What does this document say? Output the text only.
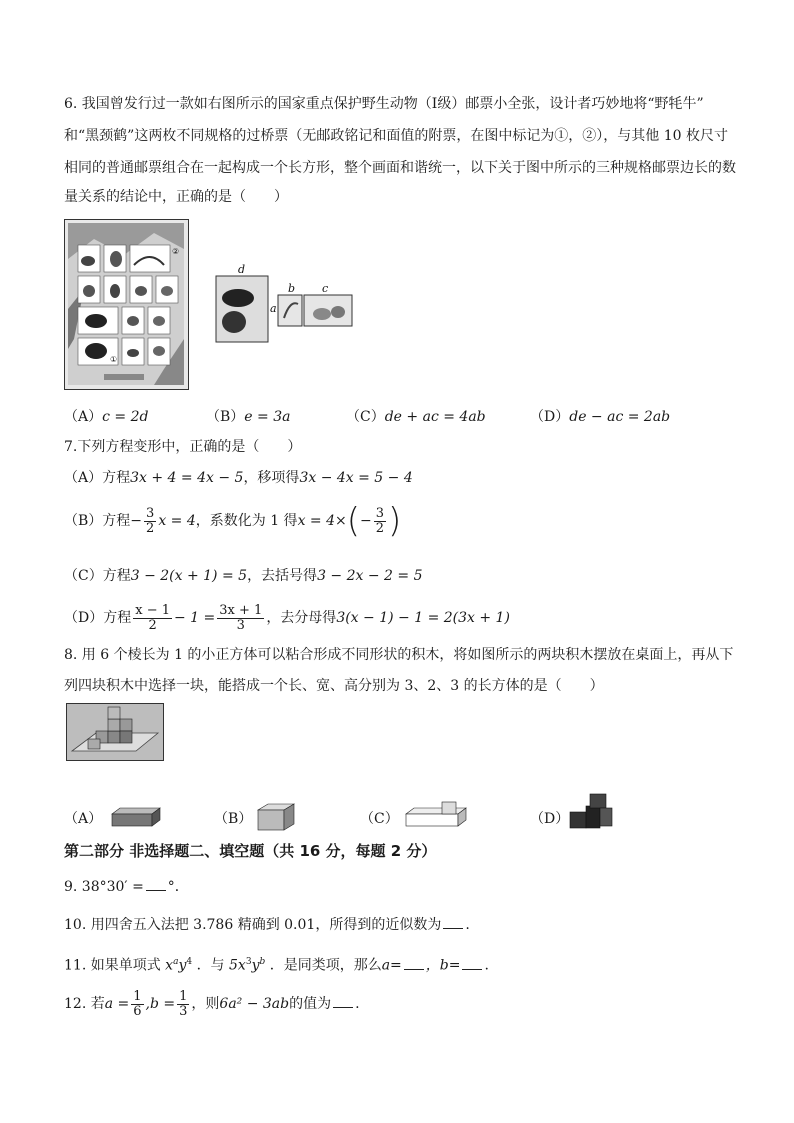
6. 我国曾发行过一款如右图所示的国家重点保护野生动物（Ⅰ级）邮票小全张，设计者巧妙地将“野牦牛”
和“黑颈鹤”这两枚不同规格的过桥票（无邮政铭记和面值的附票，在图中标记为①，②），与其他 10 枚尺寸
相同的普通邮票组合在一起构成一个长方形，整个画面和谐统一，以下关于图中所示的三种规格邮票边长的数
量关系的结论中，正确的是（　　）
②
①
d
a
b c
（A）c = 2d	（B）e = 3a	（C）de + ac = 4ab	（D）de − ac = 2ab
7.下列方程变形中，正确的是（　　）
（A）方程3x + 4 = 4x − 5，移项得3x − 4x = 5 − 4
（B）方程− $\frac{3}{2}$ x = 4，系数化为 1 得$x = 4\times(- \frac{3}{2}$ )
（C）方程3 − 2(x + 1) = 5，去括号得3 − 2x − 2 = 5
（D）方程 $\frac{x - 1}{2} - 1 = \frac{3x + 1}{3}$ ，去分母得3(x − 1) − 1 = 2(3x + 1)
8. 用 6 个棱长为 1 的小正方体可以粘合形成不同形状的积木，将如图所示的两块积木摆放在桌面上，再从下
列四块积木中选择一块，能搭成一个长、宽、高分别为 3、2、3 的长方体的是（　　）
（A）	（B）	（C）	（D）
第二部分 非选择题二、填空题（共 16 分，每题 2 分）
9. 38°30′ = °．
10. 用四舍五入法把 3.786 精确到 0.01，所得到的近似数为 .
11. 如果单项式 $x^ay^4$ ．与 $5x^3y^b$ ．是同类项，那么a= ，b= .
12. 若$a = \frac{1}{6} ,b = \frac{1}{3}$ ，则6a² − 3ab的值为 .
